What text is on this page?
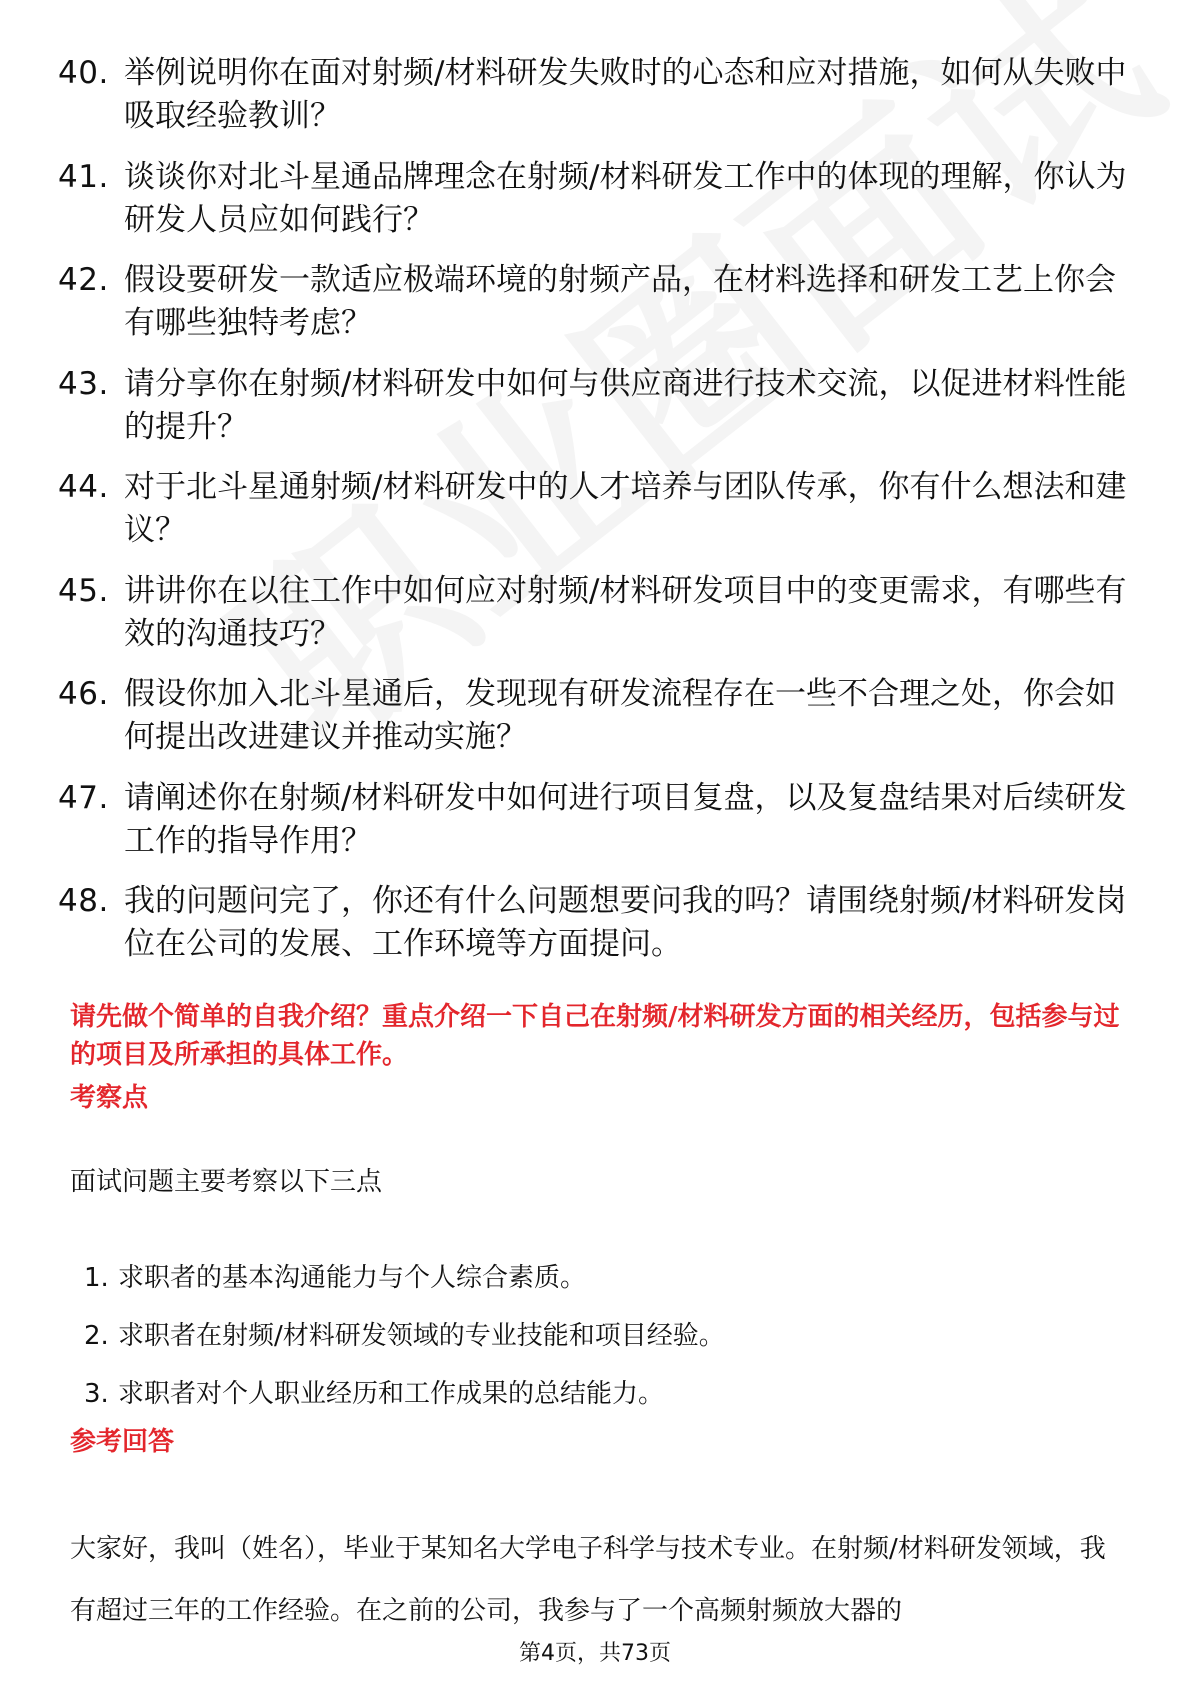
40. 举例说明你在面对射频/材料研发失败时的心态和应对措施，如何从失败中吸取经验教训？
41. 谈谈你对北斗星通品牌理念在射频/材料研发工作中的体现的理解，你认为研发人员应如何践行？
42. 假设要研发一款适应极端环境的射频产品，在材料选择和研发工艺上你会有哪些独特考虑？
43. 请分享你在射频/材料研发中如何与供应商进行技术交流，以促进材料性能的提升？
44. 对于北斗星通射频/材料研发中的人才培养与团队传承，你有什么想法和建议？
45. 讲讲你在以往工作中如何应对射频/材料研发项目中的变更需求，有哪些有效的沟通技巧？
46. 假设你加入北斗星通后，发现现有研发流程存在一些不合理之处，你会如何提出改进建议并推动实施？
47. 请阐述你在射频/材料研发中如何进行项目复盘，以及复盘结果对后续研发工作的指导作用？
48. 我的问题问完了，你还有什么问题想要问我的吗？请围绕射频/材料研发岗位在公司的发展、工作环境等方面提问。

请先做个简单的自我介绍？重点介绍一下自己在射频/材料研发方面的相关经历，包括参与过的项目及所承担的具体工作。

考察点

面试问题主要考察以下三点

1. 求职者的基本沟通能力与个人综合素质。
2. 求职者在射频/材料研发领域的专业技能和项目经验。
3. 求职者对个人职业经历和工作成果的总结能力。
参考回答

大家好，我叫（姓名），毕业于某知名大学电子科学与技术专业。在射频/材料研发领域，我有超过三年的工作经验。在之前的公司，我参与了一个高频射频放大器的

第4页，共73页
